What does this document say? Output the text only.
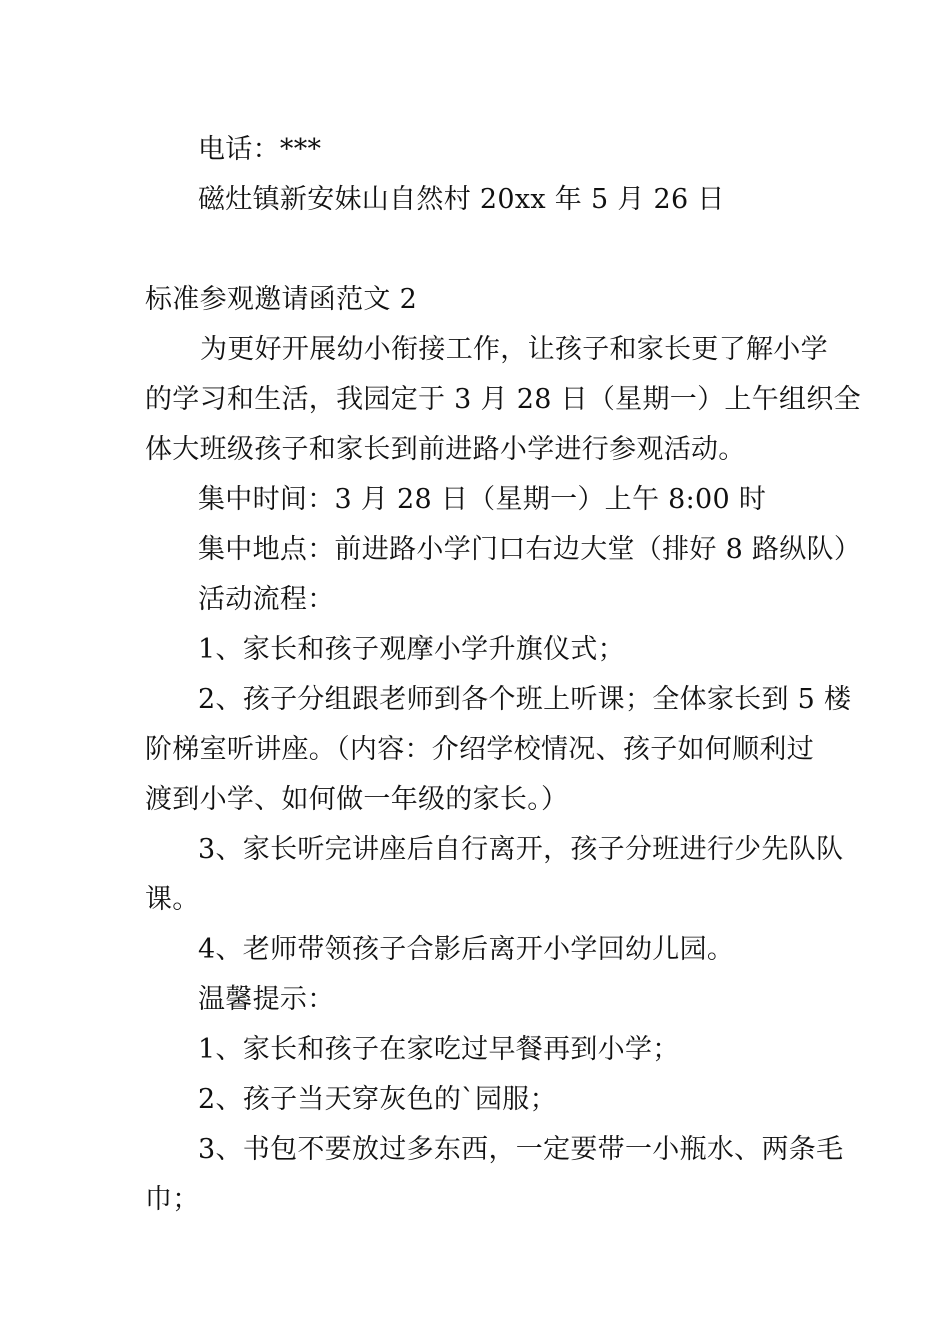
电话：***
磁灶镇新安妹山自然村 20xx 年 5 月 26 日
标准参观邀请函范文 2
为更好开展幼小衔接工作，让孩子和家长更了解小学
的学习和生活，我园定于 3 月 28 日（星期一）上午组织全
体大班级孩子和家长到前进路小学进行参观活动。
集中时间：3 月 28 日（星期一）上午 8:00 时
集中地点：前进路小学门口右边大堂（排好 8 路纵队）
活动流程：
1、家长和孩子观摩小学升旗仪式；
2、孩子分组跟老师到各个班上听课；全体家长到 5 楼
阶梯室听讲座。（内容：介绍学校情况、孩子如何顺利过
渡到小学、如何做一年级的家长。）
3、家长听完讲座后自行离开，孩子分班进行少先队队
课。
4、老师带领孩子合影后离开小学回幼儿园。
温馨提示：
1、家长和孩子在家吃过早餐再到小学；
2、孩子当天穿灰色的`园服；
3、书包不要放过多东西，一定要带一小瓶水、两条毛
巾；
